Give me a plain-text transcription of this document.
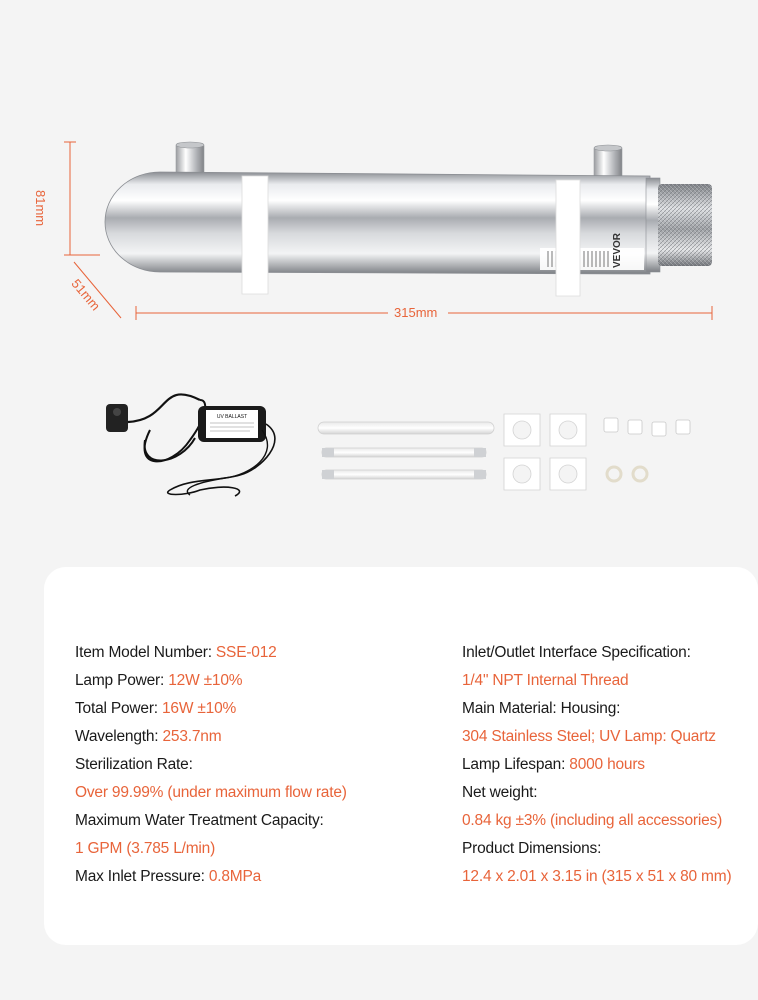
VEVOR
UV BALLAST
81mm
51mm	315mm
Item Model Number: SSE-012
Lamp Power: 12W ±10%
Total Power: 16W ±10%
Wavelength: 253.7nm
Sterilization Rate:
Over 99.99% (under maximum flow rate)
Maximum Water Treatment Capacity:
1 GPM (3.785 L/min)
Max Inlet Pressure: 0.8MPa
Inlet/Outlet Interface Specification:
1/4" NPT Internal Thread
Main Material: Housing:
304 Stainless Steel; UV Lamp: Quartz
Lamp Lifespan: 8000 hours
Net weight:
0.84 kg ±3% (including all accessories)
Product Dimensions:
12.4 x 2.01 x 3.15 in (315 x 51 x 80 mm)
